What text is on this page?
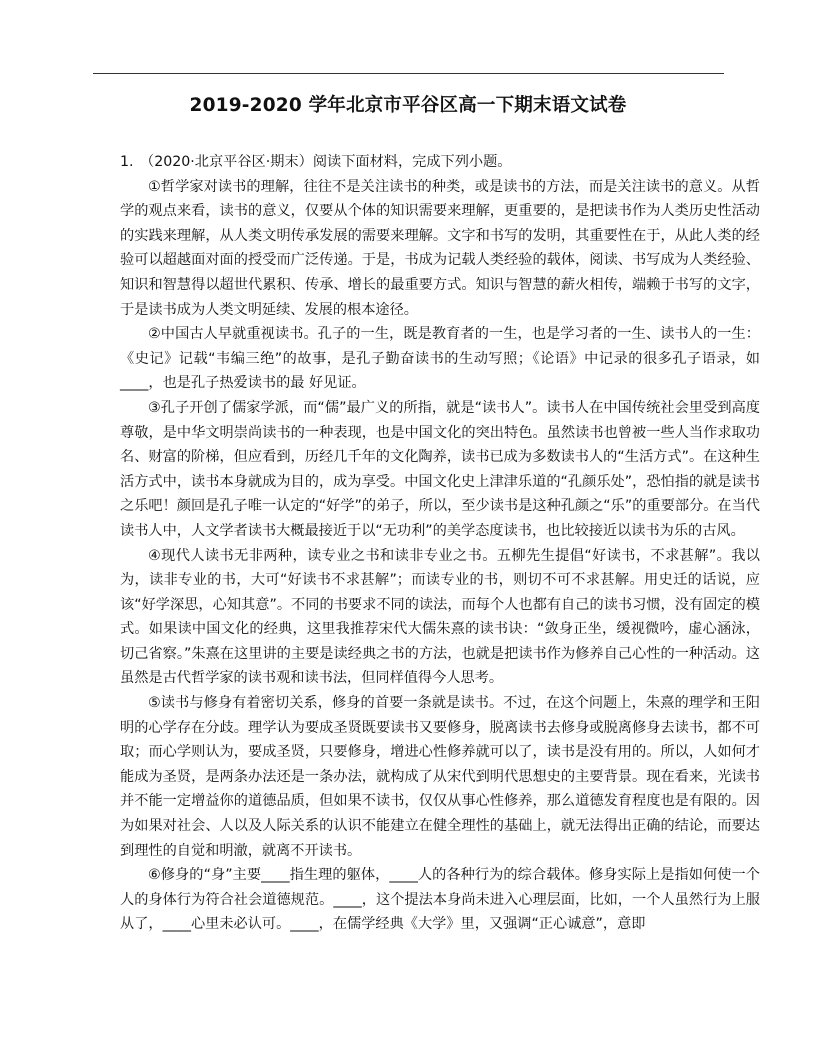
2019-2020 学年北京市平谷区高一下期末语文试卷
1. （2020·北京平谷区·期末）阅读下面材料，完成下列小题。

①哲学家对读书的理解，往往不是关注读书的种类，或是读书的方法，而是关注读书的意义。从哲学的观点来看，读书的意义，仅要从个体的知识需要来理解，更重要的，是把读书作为人类历史性活动的实践来理解，从人类文明传承发展的需要来理解。文字和书写的发明，其重要性在于，从此人类的经验可以超越面对面的授受而广泛传递。于是，书成为记载人类经验的载体，阅读、书写成为人类经验、知识和智慧得以超世代累积、传承、增长的最重要方式。知识与智慧的薪火相传，端赖于书写的文字，于是读书成为人类文明延续、发展的根本途径。

②中国古人早就重视读书。孔子的一生，既是教育者的一生，也是学习者的一生、读书人的一生：《史记》记载“韦编三绝”的故事，是孔子勤奋读书的生动写照；《论语》中记录的很多孔子语录，如____，也是孔子热爱读书的最 好见证。

③孔子开创了儒家学派，而“儒”最广义的所指，就是“读书人”。读书人在中国传统社会里受到高度尊敬，是中华文明崇尚读书的一种表现，也是中国文化的突出特色。虽然读书也曾被一些人当作求取功名、财富的阶梯，但应看到，历经几千年的文化陶养，读书已成为多数读书人的“生活方式”。在这种生活方式中，读书本身就成为目的，成为享受。中国文化史上津津乐道的“孔颜乐处”，恐怕指的就是读书之乐吧！颜回是孔子唯一认定的“好学”的弟子，所以，至少读书是这种孔颜之“乐”的重要部分。在当代读书人中，人文学者读书大概最接近于以“无功利”的美学态度读书，也比较接近以读书为乐的古风。

④现代人读书无非两种，读专业之书和读非专业之书。五柳先生提倡“好读书，不求甚解”。我以为，读非专业的书，大可“好读书不求甚解”；而读专业的书，则切不可不求甚解。用史迁的话说，应该“好学深思，心知其意”。不同的书要求不同的读法，而每个人也都有自己的读书习惯，没有固定的模式。如果读中国文化的经典，这里我推荐宋代大儒朱熹的读书诀：“敛身正坐，缓视微吟，虚心涵泳，切己省察。”朱熹在这里讲的主要是读经典之书的方法，也就是把读书作为修养自己心性的一种活动。这虽然是古代哲学家的读书观和读书法，但同样值得今人思考。

⑤读书与修身有着密切关系，修身的首要一条就是读书。不过，在这个问题上，朱熹的理学和王阳明的心学存在分歧。理学认为要成圣贤既要读书又要修身，脱离读书去修身或脱离修身去读书，都不可取；而心学则认为，要成圣贤，只要修身，增进心性修养就可以了，读书是没有用的。所以，人如何才能成为圣贤，是两条办法还是一条办法，就构成了从宋代到明代思想史的主要背景。现在看来，光读书并不能一定增益你的道德品质，但如果不读书，仅仅从事心性修养，那么道德发育程度也是有限的。因为如果对社会、人以及人际关系的认识不能建立在健全理性的基础上，就无法得出正确的结论，而要达到理性的自觉和明澈，就离不开读书。

⑥修身的“身”主要____指生理的躯体，____人的各种行为的综合载体。修身实际上是指如何使一个人的身体行为符合社会道德规范。____，这个提法本身尚未进入心理层面，比如，一个人虽然行为上服从了，____心里未必认可。____，在儒学经典《大学》里，又强调“正心诚意”，意即
